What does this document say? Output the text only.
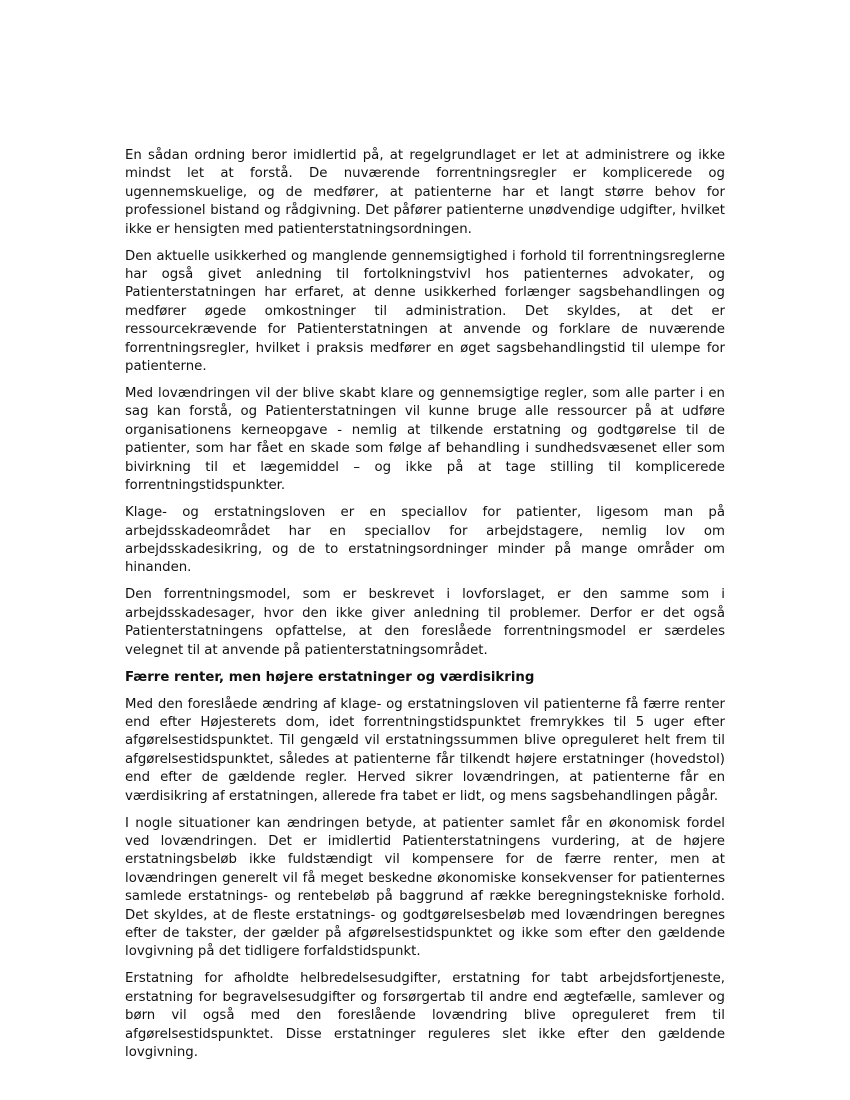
En sådan ordning beror imidlertid på, at regelgrundlaget er let at administrere og ikke mindst let at forstå. De nuværende forrentningsregler er komplicerede og ugennemskuelige, og de medfører, at patienterne har et langt større behov for professionel bistand og rådgivning. Det påfører patienterne unødvendige udgifter, hvilket ikke er hensigten med patienterstatningsordningen.

Den aktuelle usikkerhed og manglende gennemsigtighed i forhold til forrentningsreglerne har også givet anledning til fortolkningstvivl hos patienternes advokater, og Patienterstatningen har erfaret, at denne usikkerhed forlænger sagsbehandlingen og medfører øgede omkostninger til administration. Det skyldes, at det er ressourcekrævende for Patienterstatningen at anvende og forklare de nuværende forrentningsregler, hvilket i praksis medfører en øget sagsbehandlingstid til ulempe for patienterne.

Med lovændringen vil der blive skabt klare og gennemsigtige regler, som alle parter i en sag kan forstå, og Patienterstatningen vil kunne bruge alle ressourcer på at udføre organisationens kerneopgave - nemlig at tilkende erstatning og godtgørelse til de patienter, som har fået en skade som følge af behandling i sundhedsvæsenet eller som bivirkning til et lægemiddel – og ikke på at tage stilling til komplicerede forrentningstidspunkter.

Klage- og erstatningsloven er en speciallov for patienter, ligesom man på arbejdsskadeområdet har en speciallov for arbejdstagere, nemlig lov om arbejdsskadesikring, og de to erstatningsordninger minder på mange områder om hinanden.

Den forrentningsmodel, som er beskrevet i lovforslaget, er den samme som i arbejdsskadesager, hvor den ikke giver anledning til problemer. Derfor er det også Patienterstatningens opfattelse, at den foreslåede forrentningsmodel er særdeles velegnet til at anvende på patienterstatningsområdet.

Færre renter, men højere erstatninger og værdisikring

Med den foreslåede ændring af klage- og erstatningsloven vil patienterne få færre renter end efter Højesterets dom, idet forrentningstidspunktet fremrykkes til 5 uger efter afgørelsestidspunktet. Til gengæld vil erstatningssummen blive opreguleret helt frem til afgørelsestidspunktet, således at patienterne får tilkendt højere erstatninger (hovedstol) end efter de gældende regler. Herved sikrer lovændringen, at patienterne får en værdisikring af erstatningen, allerede fra tabet er lidt, og mens sagsbehandlingen pågår.

I nogle situationer kan ændringen betyde, at patienter samlet får en økonomisk fordel ved lovændringen. Det er imidlertid Patienterstatningens vurdering, at de højere erstatningsbeløb ikke fuldstændigt vil kompensere for de færre renter, men at lovændringen generelt vil få meget beskedne økonomiske konsekvenser for patienternes samlede erstatnings- og rentebeløb på baggrund af række beregningstekniske forhold. Det skyldes, at de fleste erstatnings- og godtgørelsesbeløb med lovændringen beregnes efter de takster, der gælder på afgørelsestidspunktet og ikke som efter den gældende lovgivning på det tidligere forfaldstidspunkt.

Erstatning for afholdte helbredelsesudgifter, erstatning for tabt arbejdsfortjeneste, erstatning for begravelsesudgifter og forsørgertab til andre end ægtefælle, samlever og børn vil også med den foreslående lovændring blive opreguleret frem til afgørelsestidspunktet. Disse erstatninger reguleres slet ikke efter den gældende lovgivning.
